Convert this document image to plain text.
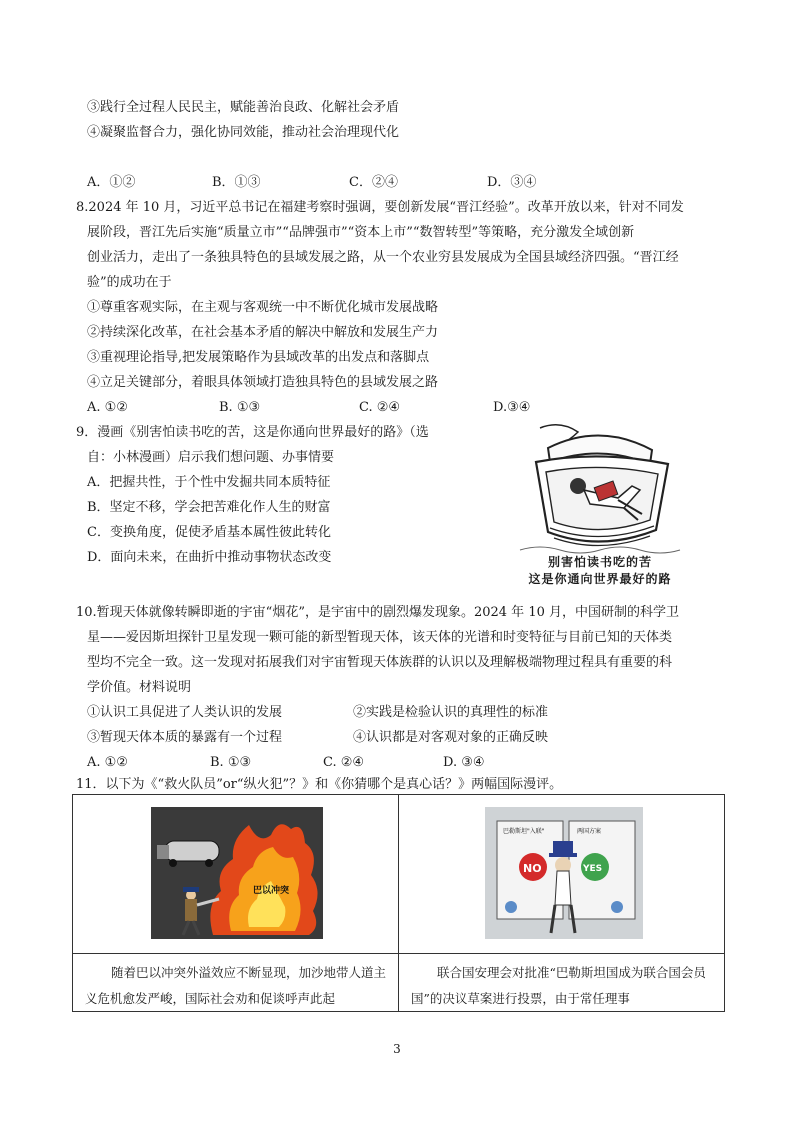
③践行全过程人民民主，赋能善治良政、化解社会矛盾
④凝聚监督合力，强化协同效能，推动社会治理现代化
A．①②	B．①③	C．②④	D．③④
8.2024 年 10 月，习近平总书记在福建考察时强调，要创新发展“晋江经验”。改革开放以来，针对不同发
展阶段，晋江先后实施“质量立市”“品牌强市”“资本上市”“数智转型”等策略，充分激发全域创新
创业活力，走出了一条独具特色的县域发展之路，从一个农业穷县发展成为全国县域经济四强。“晋江经
验”的成功在于
①尊重客观实际，在主观与客观统一中不断优化城市发展战略
②持续深化改革，在社会基本矛盾的解决中解放和发展生产力
③重视理论指导,把发展策略作为县域改革的出发点和落脚点
④立足关键部分，着眼具体领域打造独具特色的县域发展之路
A. ①②	B. ①③	C. ②④	D.③④
9．漫画《别害怕读书吃的苦，这是你通向世界最好的路》（选
自：小林漫画）启示我们想问题、办事情要
A．把握共性，于个性中发掘共同本质特征
B．坚定不移，学会把苦难化作人生的财富
C．变换角度，促使矛盾基本属性彼此转化
D．面向未来，在曲折中推动事物状态改变	别害怕读书吃的苦
这是你通向世界最好的路
10.暂现天体就像转瞬即逝的宇宙“烟花”，是宇宙中的剧烈爆发现象。2024 年 10 月，中国研制的科学卫
星——爱因斯坦探针卫星发现一颗可能的新型暂现天体，该天体的光谱和时变特征与目前已知的天体类
型均不完全一致。这一发现对拓展我们对宇宙暂现天体族群的认识以及理解极端物理过程具有重要的科
学价值。材料说明
①认识工具促进了人类认识的发展	②实践是检验认识的真理性的标准
③暂现天体本质的暴露有一个过程	④认识都是对客观对象的正确反映
A. ①②	B. ①③	C. ②④	D. ③④
11．以下为《“救火队员”or“纵火犯”？》和《你猜哪个是真心话？》两幅国际漫评。
巴以冲突	巴勒斯坦"入联" 两国方案
NO YES

随着巴以冲突外溢效应不断显现，加沙地带人道主义危机愈发严峻，国际社会劝和促谈呼声此起	联合国安理会对批准“巴勒斯坦国成为联合国会员国”的决议草案进行投票，由于常任理事
3
